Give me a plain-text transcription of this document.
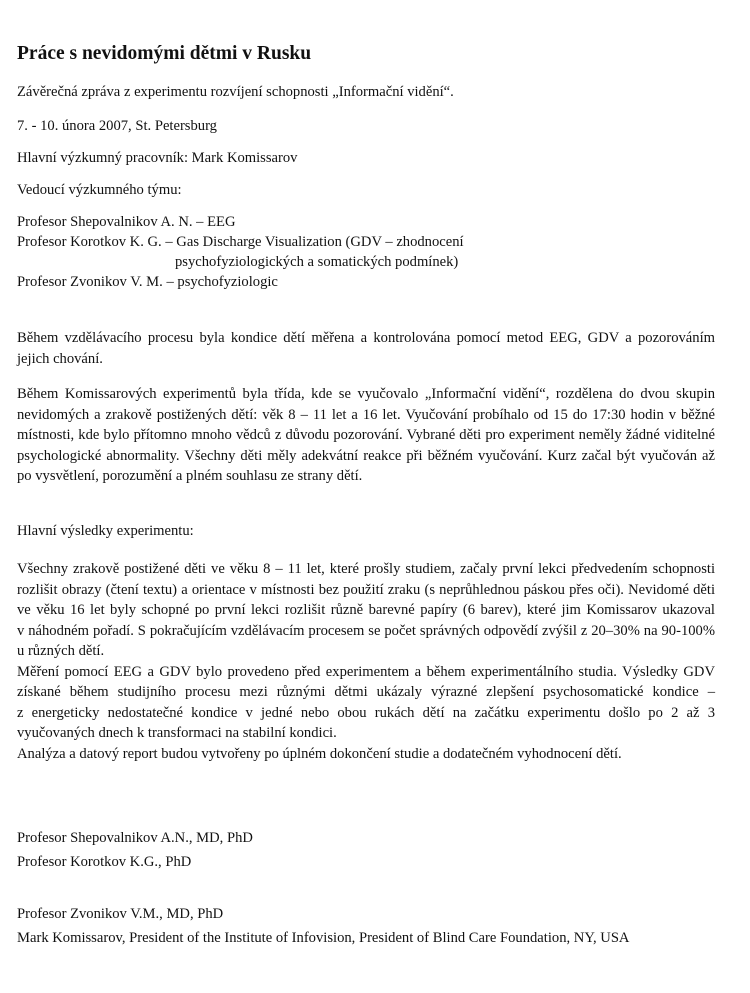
Práce s nevidomými dětmi v Rusku

Závěrečná zpráva z experimentu rozvíjení schopnosti „Informační vidění“.

7. - 10. února 2007, St. Petersburg

Hlavní výzkumný pracovník: Mark Komissarov

Vedoucí výzkumného týmu:

Profesor Shepovalnikov A. N. – EEG

Profesor Korotkov K. G. – Gas Discharge Visualization (GDV – zhodnocení

psychofyziologických a somatických podmínek)

Profesor Zvonikov V. M. – psychofyziologic

Během vzdělávacího procesu byla kondice dětí měřena a kontrolována pomocí metod EEG, GDV a pozorováním
jejich chování.
Během Komissarových experimentů byla třída, kde se vyučovalo „Informační vidění“, rozdělena do dvou skupin
nevidomých a zrakově postižených dětí: věk 8 – 11 let a 16 let. Vyučování probíhalo od 15 do 17:30 hodin v běžné
místnosti, kde bylo přítomno mnoho vědců z důvodu pozorování. Vybrané děti pro experiment neměly žádné viditelné
psychologické abnormality. Všechny děti měly adekvátní reakce při běžném vyučování. Kurz začal být vyučován až
po vysvětlení, porozumění a plném souhlasu ze strany dětí.

Hlavní výsledky experimentu:

Všechny zrakově postižené děti ve věku 8 – 11 let, které prošly studiem, začaly první lekci předvedením schopnosti
rozlišit obrazy (čtení textu) a orientace v místnosti bez použití zraku (s neprůhlednou páskou přes oči). Nevidomé děti
ve věku 16 let byly schopné po první lekci rozlišit různě barevné papíry (6 barev), které jim Komissarov ukazoval
v náhodném pořadí. S pokračujícím vzdělávacím procesem se počet správných odpovědí zvýšil z 20–30% na 90-100%
u různých dětí.
Měření pomocí EEG a GDV bylo provedeno před experimentem a během experimentálního studia. Výsledky GDV
získané během studijního procesu mezi různými dětmi ukázaly výrazné zlepšení psychosomatické kondice –
z energeticky nedostatečné kondice v jedné nebo obou rukách dětí na začátku experimentu došlo po 2 až 3
vyučovaných dnech k transformaci na stabilní kondici.
Analýza a datový report budou vytvořeny po úplném dokončení studie a dodatečném vyhodnocení dětí.

Profesor Shepovalnikov A.N., MD, PhD

Profesor Korotkov K.G., PhD

Profesor Zvonikov V.M., MD, PhD

Mark Komissarov, President of the Institute of Infovision, President of Blind Care Foundation, NY, USA
